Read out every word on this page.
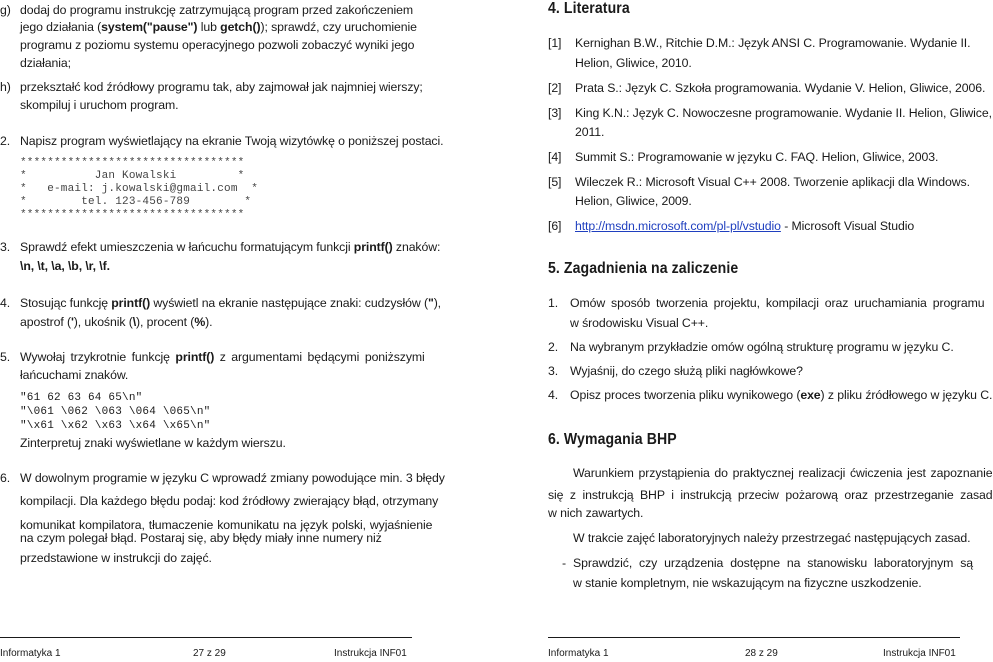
g) dodaj do programu instrukcję zatrzymującą program przed zakończeniem
jego działania (system("pause") lub getch()); sprawdź, czy uruchomienie
programu z poziomu systemu operacyjnego pozwoli zobaczyć wyniki jego
działania;
h) przekształć kod źródłowy programu tak, aby zajmował jak najmniej wierszy;
skompiluj i uruchom program.
2. Napisz program wyświetlający na ekranie Twoją wizytówkę o poniższej postaci.
*********************************
*          Jan Kowalski         *
*   e-mail: j.kowalski@gmail.com  *
*        tel. 123-456-789        *
*********************************
3. Sprawdź efekt umieszczenia w łańcuchu formatującym funkcji printf() znaków:
\n, \t, \a, \b, \r, \f.
4. Stosując funkcję printf() wyświetl na ekranie następujące znaki: cudzysłów ("),
apostrof ('), ukośnik (\), procent (%).
5. Wywołaj trzykrotnie funkcję printf() z argumentami będącymi poniższymi
łańcuchami znaków.
"61 62 63 64 65\n"
"\061 \062 \063 \064 \065\n"
"\x61 \x62 \x63 \x64 \x65\n"
Zinterpretuj znaki wyświetlane w każdym wierszu.
6. W dowolnym programie w języku C wprowadź zmiany powodujące min. 3 błędy
kompilacji. Dla każdego błędu podaj: kod źródłowy zwierający błąd, otrzymany
komunikat kompilatora, tłumaczenie komunikatu na język polski, wyjaśnienie
na czym polegał błąd. Postaraj się, aby błędy miały inne numery niż
przedstawione w instrukcji do zajęć.
Informatyka 1	27 z 29	Instrukcja INF01
4. Literatura
[1] Kernighan B.W., Ritchie D.M.: Język ANSI C. Programowanie. Wydanie II.
Helion, Gliwice, 2010.
[2] Prata S.: Język C. Szkoła programowania. Wydanie V. Helion, Gliwice, 2006.
[3] King K.N.: Język C. Nowoczesne programowanie. Wydanie II. Helion, Gliwice,
2011.
[4] Summit S.: Programowanie w języku C. FAQ. Helion, Gliwice, 2003.
[5] Wileczek R.: Microsoft Visual C++ 2008. Tworzenie aplikacji dla Windows.
Helion, Gliwice, 2009.
[6] http://msdn.microsoft.com/pl-pl/vstudio - Microsoft Visual Studio
5. Zagadnienia na zaliczenie
1. Omów sposób tworzenia projektu, kompilacji oraz uruchamiania programu
w środowisku Visual C++.
2. Na wybranym przykładzie omów ogólną strukturę programu w języku C.
3. Wyjaśnij, do czego służą pliki nagłówkowe?
4. Opisz proces tworzenia pliku wynikowego (exe) z pliku źródłowego w języku C.
6. Wymagania BHP
Warunkiem przystąpienia do praktycznej realizacji ćwiczenia jest zapoznanie
się z instrukcją BHP i instrukcją przeciw pożarową oraz przestrzeganie zasad
w nich zawartych.
W trakcie zajęć laboratoryjnych należy przestrzegać następujących zasad.
- Sprawdzić, czy urządzenia dostępne na stanowisku laboratoryjnym są
w stanie kompletnym, nie wskazującym na fizyczne uszkodzenie.
Informatyka 1	28 z 29	Instrukcja INF01
